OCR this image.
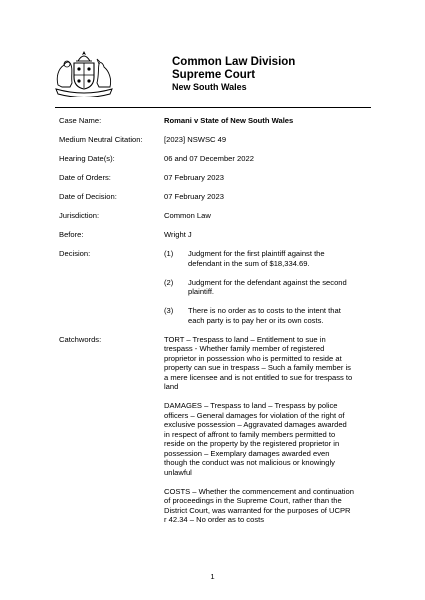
Common Law Division
Supreme Court
New South Wales
Case Name:	Romani v State of New South Wales
Medium Neutral Citation:	[2023] NSWSC 49
Hearing Date(s):	06 and 07 December 2022
Date of Orders:	07 February 2023
Date of Decision:	07 February 2023
Jurisdiction:	Common Law
Before:	Wright J
Decision:	(1)	Judgment for the first plaintiff against the defendant in the sum of $18,334.69.
(2)	Judgment for the defendant against the second plaintiff.
(3)	There is no order as to costs to the intent that each party is to pay her or its own costs.
Catchwords:	TORT – Trespass to land – Entitlement to sue in trespass - Whether family member of registered proprietor in possession who is permitted to reside at property can sue in trespass – Such a family member is a mere licensee and is not entitled to sue for trespass to land

DAMAGES – Trespass to land – Trespass by police officers – General damages for violation of the right of exclusive possession – Aggravated damages awarded in respect of affront to family members permitted to reside on the property by the registered proprietor in possession – Exemplary damages awarded even though the conduct was not malicious or knowingly unlawful

COSTS – Whether the commencement and continuation of proceedings in the Supreme Court, rather than the District Court, was warranted for the purposes of UCPR r 42.34 – No order as to costs

1
